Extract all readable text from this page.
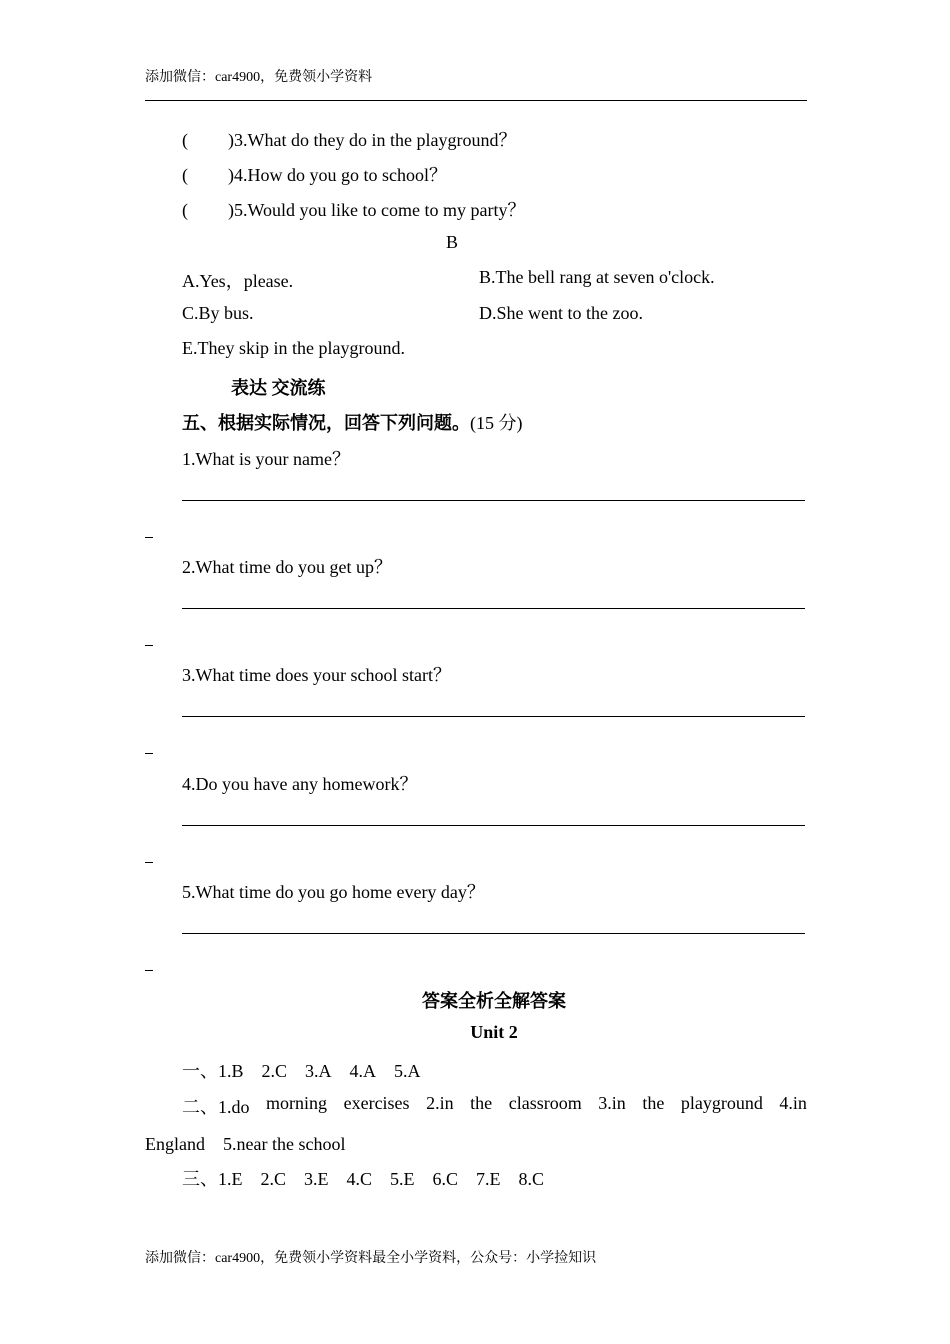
添加微信：car4900，免费领小学资料
( )3.What do they do in the playground？
( )4.How do you go to school？
( )5.Would you like to come to my party？
B
A.Yes，please.	B.The bell rang at seven o'clock.
C.By bus.	D.She went to the zoo.
E.They skip in the playground.
表达 交流练
五、根据实际情况，回答下列问题。(15 分)
1.What is your name？
2.What time do you get up？
3.What time does your school start？
4.Do you have any homework？
5.What time do you go home every day？
答案全析全解答案
Unit 2
一、1.B 2.C 3.A 4.A 5.A
二、1.do morning exercises 2.in the classroom 3.in the playground 4.in
England　5.near the school
三、1.E 2.C 3.E 4.C 5.E 6.C 7.E 8.C
添加微信：car4900，免费领小学资料最全小学资料，公众号：小学捡知识
